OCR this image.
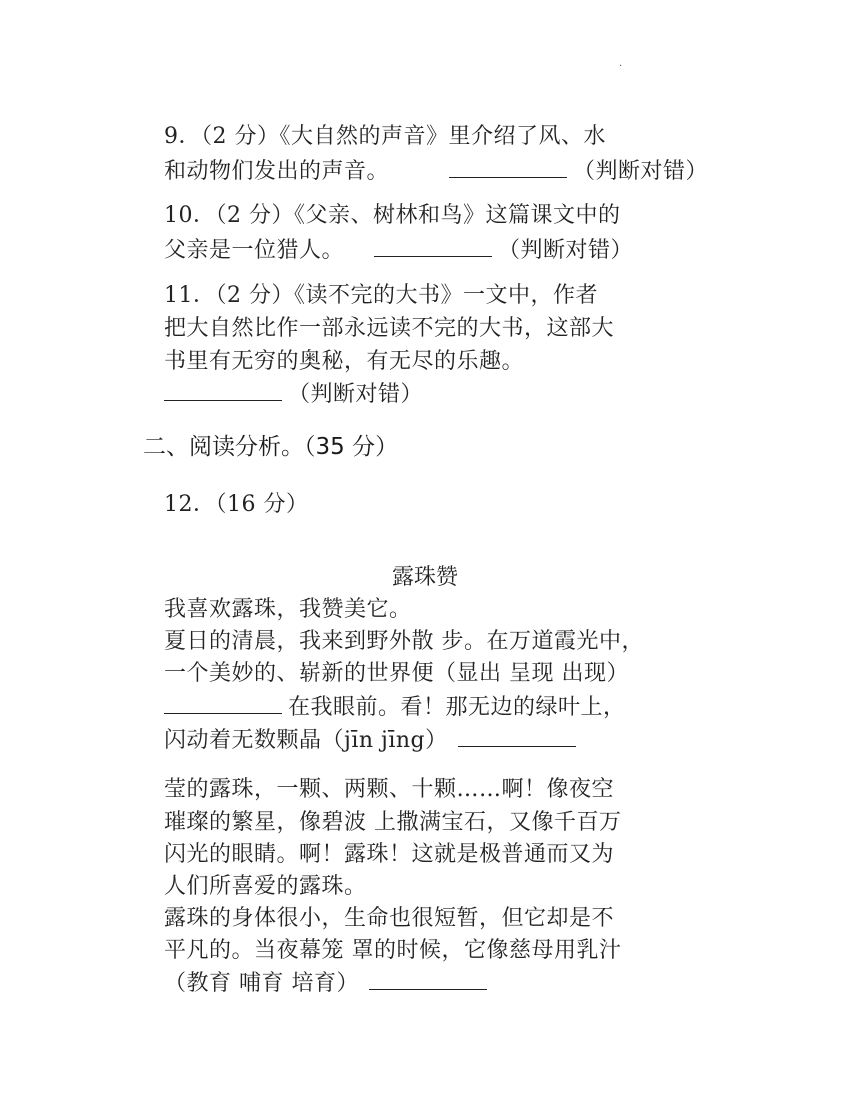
.
9．（2 分）《大自然的声音》里介绍了风、水
和动物们发出的声音。	（判断对错）
10．（2 分）《父亲、树林和鸟》这篇课文中的
父亲是一位猎人。	（判断对错）
11．（2 分）《读不完的大书》一文中，作者
把大自然比作一部永远读不完的大书，这部大
书里有无穷的奥秘，有无尽的乐趣。
（判断对错）
二、阅读分析。（35 分）
12．（16 分）
露珠赞
我喜欢露珠，我赞美它。
夏日的清晨，我来到野外散 步。在万道霞光中，
一个美妙的、崭新的世界便（显出 呈现 出现）
在我眼前。看！那无边的绿叶上，
闪动着无数颗晶（jīn jīng）
莹的露珠，一颗、两颗、十颗……啊！像夜空
璀璨的繁星，像碧波 上撒满宝石，又像千百万
闪光的眼睛。啊！露珠！这就是极普通而又为
人们所喜爱的露珠。
露珠的身体很小，生命也很短暂，但它却是不
平凡的。当夜幕笼 罩的时候，它像慈母用乳汁
（教育 哺育 培育）
